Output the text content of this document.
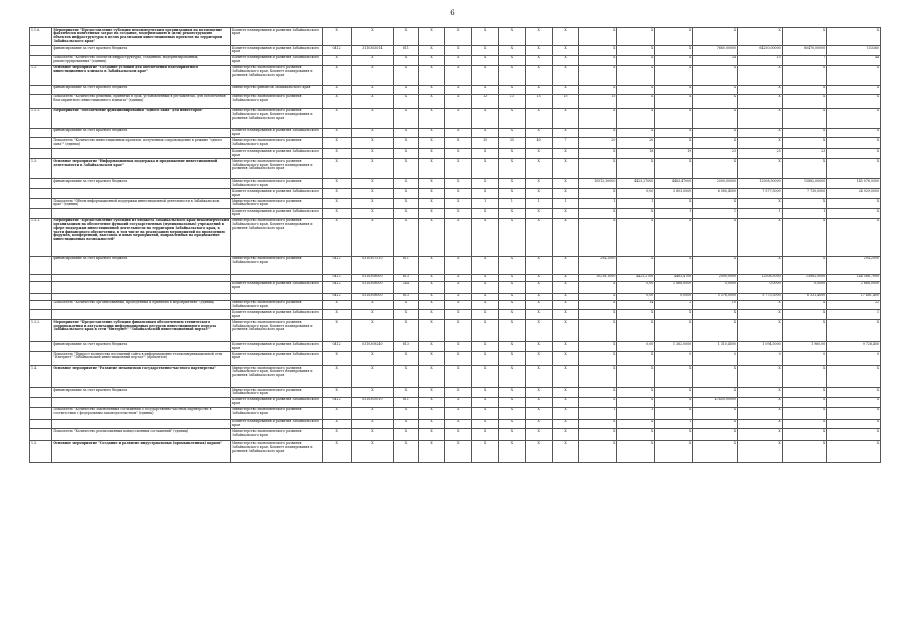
6
1.1.6.	Мероприятие "Предоставление субсидии некоммерческим организациям на возмещение фактически понесенных затрат на создание, модернизацию и (или) реконструкцию объектов инфраструктуры в целях реализации инвестиционных проектов на территории Забайкальского края"	Комитет планирования и развития Забайкальского края	X	X	X	X	X	X	X	X	X	X	X	X	X	X	X	X
	финансирование за счет краевого бюджета	Комитет планирования и развития Забайкальского края	0412	3110363014	811	X	X	X	X	X	X	X	X	X	7660,00000	64250,00000	80470,00000	153360
	Показатель "Количество объектов инфраструктуры, созданных, модернизированных, реконструированных" (единиц)	Комитет планирования и развития Забайкальского края	X	X	X	X	X	X	X	X	X	X	X	X	24	13	7	44
1.2.	Основное мероприятие "Создание условий для обеспечения благоприятного инвестиционного климата в Забайкальском крае"	Министерство экономического развития Забайкальского края, Комитет планирования и развития Забайкальского края	X	X	X	X	X	X	X	X	X	X	X	X	X	X	X	X
	финансирование за счет краевого бюджета	Министерство финансов Забайкальского края	X	X	X	X	X	X	X	X	X	X	X	X	X	X	X	X
	Показатель "Количество решений, принятых в срок, установленный в регламентах, для обеспечения благоприятного инвестиционного климата" (единиц)	Министерство экономического развития Забайкальского края	X	X	X	X	X	13	13	15	15	15	X	X	X	X	X	X
1.2.1.	Мероприятие "Обеспечение функционирования "одного окна" для инвесторов"	Министерство экономического развития Забайкальского края, Комитет планирования и развития Забайкальского края	X	X	X	X	X	X	X	X	X	X	X	X	X	X	X	X
	финансирование за счет краевого бюджета	Комитет планирования и развития Забайкальского края	X	X	X	X	X	X	X	X	X	X	X	X	X	X	X	X
	Показатель "Количество инвестиционных проектов, полученных сопровождение в режиме "одного окна"" (единиц)	Министерство экономического развития Забайкальского края	X	X	X	X	X	15	35	40	7	20	20	X	X	X	X	X
		Комитет планирования и развития Забайкальского края	X	X	X	X	X	X	X	X	X	X	18	19	23	25	23	X
1.3.	Основное мероприятие "Информационная поддержка и продвижение инвестиционной деятельности в Забайкальском крае"	Министерство экономического развития Забайкальского края, Комитет планирования и развития Забайкальского края	X	X	X	X	X	X	X	X	X	X	X	X	X	X	X	X
	финансирование за счет краевого бюджета	Министерство экономического развития Забайкальского края	X	X	X	X	X	X	X	X	X	10512,30000	4423,27000	4463,47000	2000,00000	12508,50000	15882,00000	145 076,9300
		Комитет планирования и развития Забайкальского края	X	X	X	X	X	X	X	X	X	X	0,00	3 803,0000	6 580,4000	7 577,5000	7 730,0000	24 929,0000
	Показатель "Объем информационной поддержки инвестиционной деятельности в Забайкальском крае" (единиц)	Министерство экономического развития Забайкальского края	X	X	X	X	X	1	1	1	1	1	1	X	X	X	X	X
		Комитет планирования и развития Забайкальского края	X	X	X	X	X	X	X	X	X	X	X	1	1	1	1	X
1.3.1.	Мероприятие "Предоставление субсидии из бюджета Забайкальского края некоммерческим организациям на обеспечение функций государственных (муниципальных) учреждений в сфере поддержки инвестиционной деятельности на территории Забайкальского края, в части финансового обеспечения, в том числе на реализацию мероприятий по проведению форумов, конференций, выставок и иных мероприятий, направленных на продвижение инвестиционных возможностей"	Министерство экономического развития Забайкальского края, Комитет планирования и развития Забайкальского края	X	X	X	X	X	X	X	X	X	X	X	X	X	X	X	X
	финансирование за счет краевого бюджета	Министерство экономического развития Забайкальского края	0412	0310307510	811	X	X	X	X	X	X	294,2000	X	X	X	X	X	294,2000
			0412	0310308000	813	X	X	X	X	X	X	10218,1000	4423,2700	4463,4700	2000,0000	12508,5000	15882,0000	144 566,7000
		Комитет планирования и развития Забайкальского края	0412	0310308000	244	X	X	X	X	X	X	X	0,00	2 868,0000	0,0000	0,0000	0,0000	2 868,0000
			0412	0310308000	813	X	X	X	X	X	X	X	0,00	0,0000	5 376,0000	5 773,5000	6 331,4000	17 481,400
	Показатель "Количество организованных, проведенных и принятых в мероприятиях" (единиц)	Министерство экономического развития Забайкальского края	X	X	X	X	X	X	X	X	X	X	14	2	10	X	X	22
		Комитет планирования и развития Забайкальского края	X	X	X	X	X	X	X	X	X	X	X	X	X	X	X	1
1.3.2.	Мероприятие "Предоставление субсидии финансовым обеспечением технического сопровождения и актуализации информационных ресурсов инвестиционного портала Забайкальского края в сети "Интернет" "Забайкальский инвестиционный портал""	Министерство экономического развития Забайкальского края, Комитет планирования и развития Забайкальского края	X	X	X	X	X	X	X	X	X	X	X	X	X	X	X	X
	финансирование за счет краевого бюджета	Комитет планирования и развития Забайкальского края	0412	0310308240	813	X	X	X	X	X	X	X	0,00	1 362,0000	1 310,4000	1 094,5000	1 960,00	9 728,400
	Показатель "Прирост количества посещений сайта в информационно-телекоммуникационной сети "Интернет" "Забайкальский инвестиционный портал"" (процентов)	Комитет планирования и развития Забайкальского края	X	X	X	X	X	X	X	X	X	X	X	0	0	0	0	0
1.4.	Основное мероприятие "Развитие механизмов государственно-частного партнерства"	Министерство экономического развития Забайкальского края, Комитет планирования и развития Забайкальского края	X	X	X	X	X	X	X	X	X	X	X	X	X	X	X	X
	финансирование за счет краевого бюджета	Министерство экономического развития Забайкальского края	X	X	X	X	X	X	X	X	X	X	X	X	X	X	X	X
		Комитет планирования и развития Забайкальского края	0412	0310305010	811	X	X	X	X	X	X	X	X	X	47450,00000	X	X	X
	Показатель "Количество заключенных соглашений о государственно-частном партнерстве в соответствии с федеральным законодательством" (единиц)	Министерство экономического развития Забайкальского края	X	X	X	X	X	X	X	X	X	1	3	X	X	X	X	X
		Комитет планирования и развития Забайкальского края	X	X	X	X	X	X	X	X	X	X	X	1	X	X	X	X
	Показатель "Количество реализованных концессионных соглашений" (единиц)	Министерство экономического развития Забайкальского края	X	X	X	X	X	X	X	X	X	X	X	X	X	X	X	X
1.5.	Основное мероприятие "Создание и развитие индустриальных (промышленных) парков"	Министерство экономического развития Забайкальского края, Комитет планирования и развития Забайкальского края	X	X	X	X	X	X	X	X	X	X	X	X	X	X	X	X
